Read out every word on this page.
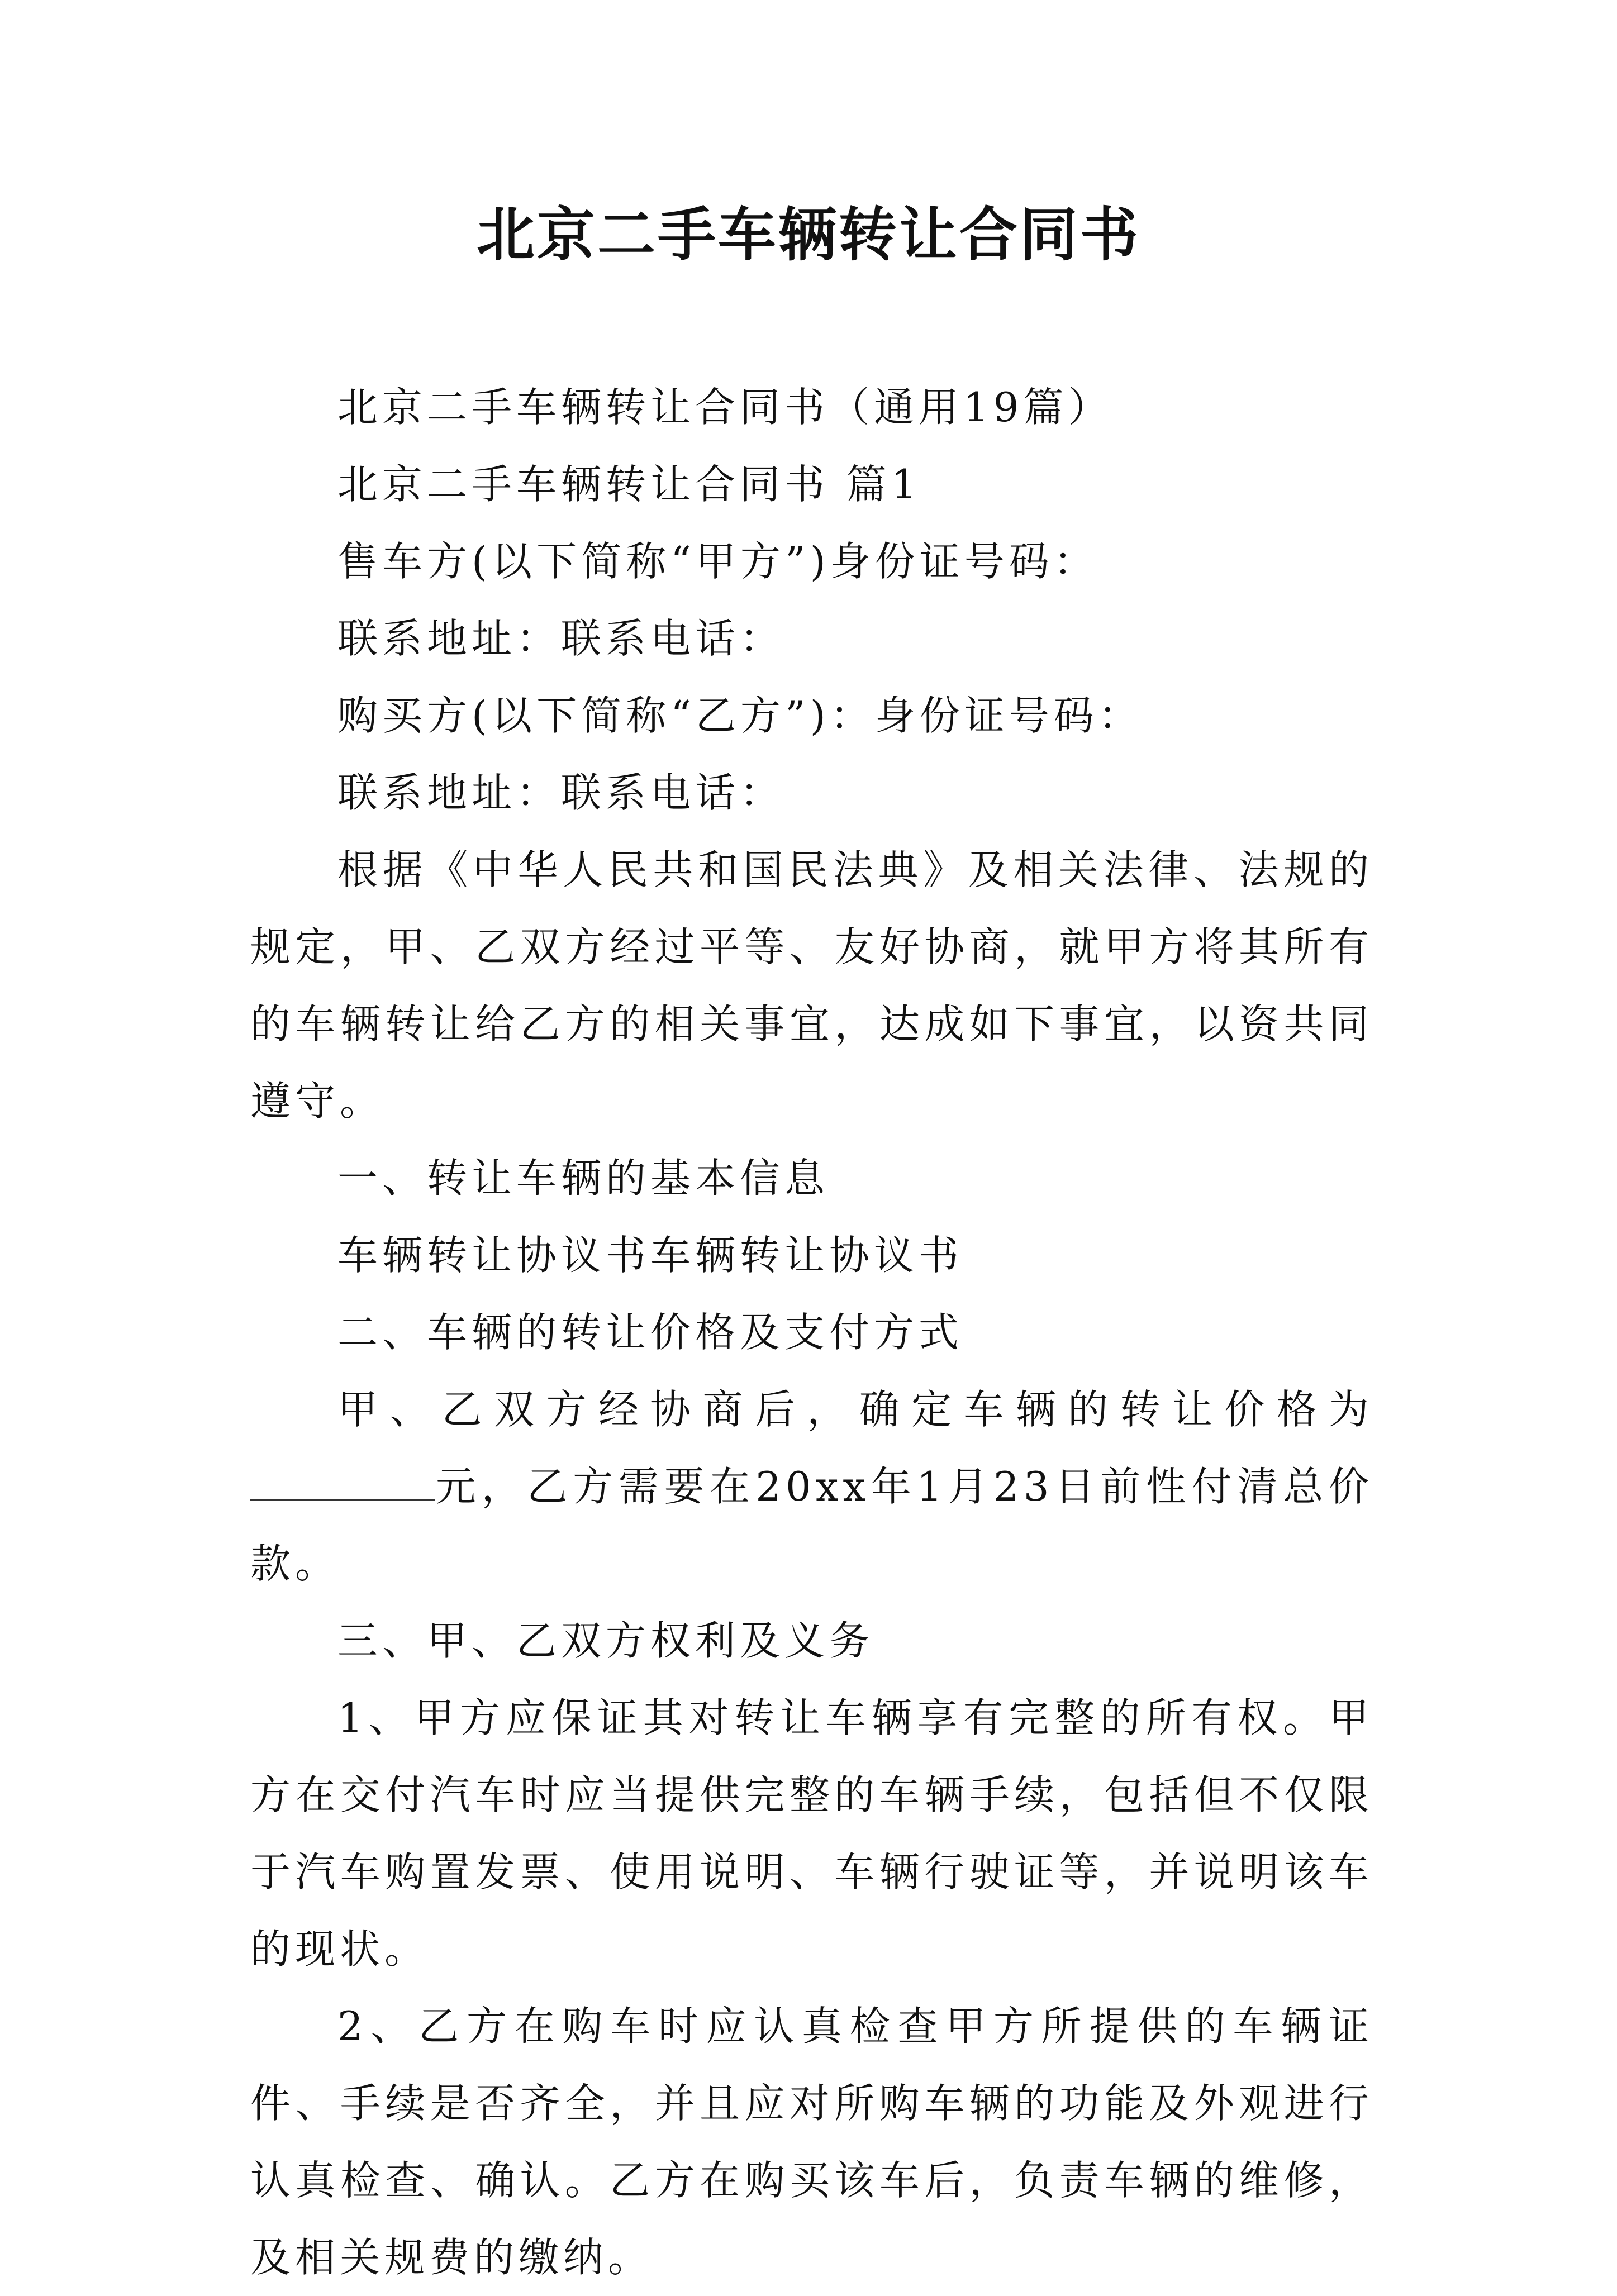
北京二手车辆转让合同书

北京二手车辆转让合同书（通用19篇）

北京二手车辆转让合同书 篇1

售车方(以下简称“甲方”)身份证号码：

联系地址：联系电话：

购买方(以下简称“乙方”)：身份证号码：

联系地址：联系电话：

根据《中华人民共和国民法典》及相关法律、法规的规定，甲、乙双方经过平等、友好协商，就甲方将其所有的车辆转让给乙方的相关事宜，达成如下事宜，以资共同遵守。

一、转让车辆的基本信息

车辆转让协议书车辆转让协议书

二、车辆的转让价格及支付方式

甲、乙双方经协商后，确定车辆的转让价格为元，乙方需要在20xx年1月23日前性付清总价款。

三、甲、乙双方权利及义务

1、甲方应保证其对转让车辆享有完整的所有权。甲方在交付汽车时应当提供完整的车辆手续，包括但不仅限于汽车购置发票、使用说明、车辆行驶证等，并说明该车的现状。

2、乙方在购车时应认真检查甲方所提供的车辆证件、手续是否齐全，并且应对所购车辆的功能及外观进行认真检查、确认。乙方在购买该车后，负责车辆的维修，及相关规费的缴纳。
